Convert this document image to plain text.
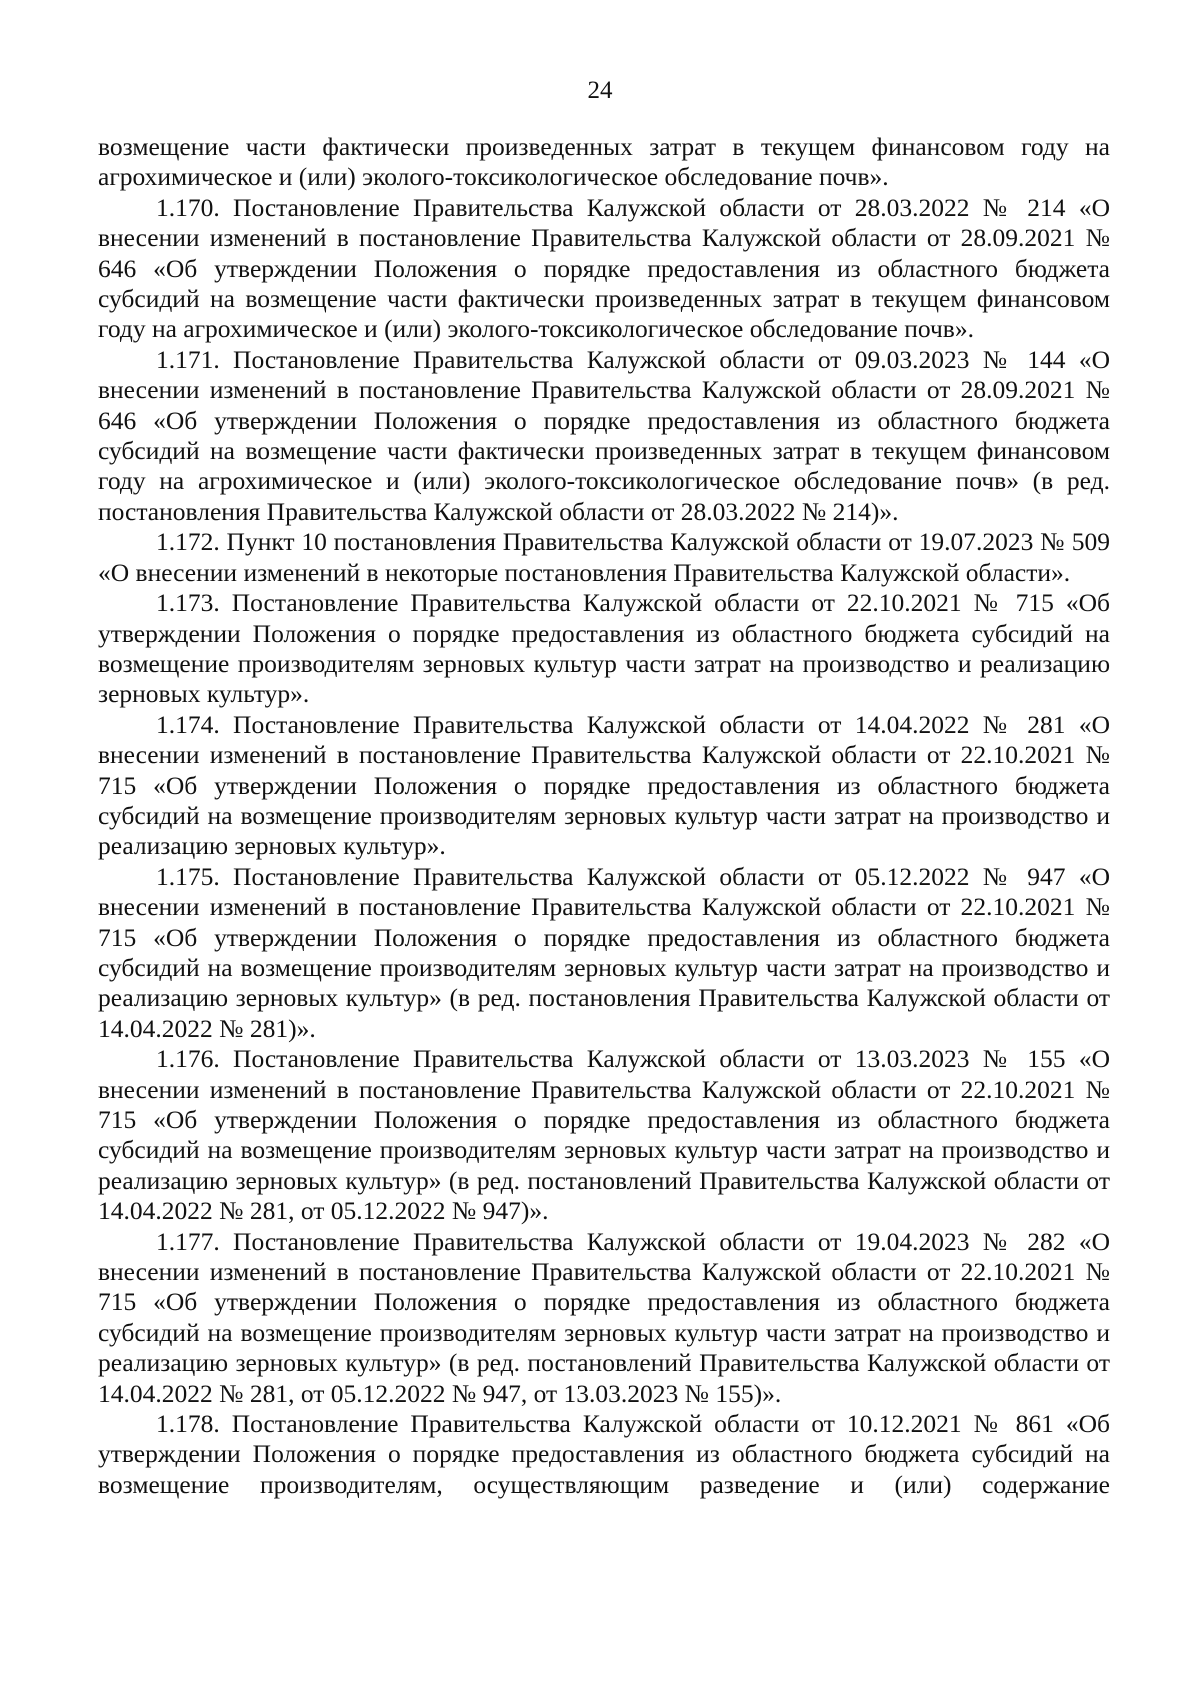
24

возмещение части фактически произведенных затрат в текущем финансовом году на агрохимическое и (или) эколого-токсикологическое обследование почв».

1.170. Постановление Правительства Калужской области от 28.03.2022 № 214 «О внесении изменений в постановление Правительства Калужской области от 28.09.2021 № 646 «Об утверждении Положения о порядке предоставления из областного бюджета субсидий на возмещение части фактически произведенных затрат в текущем финансовом году на агрохимическое и (или) эколого-токсикологическое обследование почв».

1.171. Постановление Правительства Калужской области от 09.03.2023 № 144 «О внесении изменений в постановление Правительства Калужской области от 28.09.2021 № 646 «Об утверждении Положения о порядке предоставления из областного бюджета субсидий на возмещение части фактически произведенных затрат в текущем финансовом году на агрохимическое и (или) эколого-токсикологическое обследование почв» (в ред. постановления Правительства Калужской области от 28.03.2022 № 214)».

1.172. Пункт 10 постановления Правительства Калужской области от 19.07.2023 № 509 «О внесении изменений в некоторые постановления Правительства Калужской области».

1.173. Постановление Правительства Калужской области от 22.10.2021 № 715 «Об утверждении Положения о порядке предоставления из областного бюджета субсидий на возмещение производителям зерновых культур части затрат на производство и реализацию зерновых культур».

1.174. Постановление Правительства Калужской области от 14.04.2022 № 281 «О внесении изменений в постановление Правительства Калужской области от 22.10.2021 № 715 «Об утверждении Положения о порядке предоставления из областного бюджета субсидий на возмещение производителям зерновых культур части затрат на производство и реализацию зерновых культур».

1.175. Постановление Правительства Калужской области от 05.12.2022 № 947 «О внесении изменений в постановление Правительства Калужской области от 22.10.2021 № 715 «Об утверждении Положения о порядке предоставления из областного бюджета субсидий на возмещение производителям зерновых культур части затрат на производство и реализацию зерновых культур» (в ред. постановления Правительства Калужской области от 14.04.2022 № 281)».

1.176. Постановление Правительства Калужской области от 13.03.2023 № 155 «О внесении изменений в постановление Правительства Калужской области от 22.10.2021 № 715 «Об утверждении Положения о порядке предоставления из областного бюджета субсидий на возмещение производителям зерновых культур части затрат на производство и реализацию зерновых культур» (в ред. постановлений Правительства Калужской области от 14.04.2022 № 281, от 05.12.2022 № 947)».

1.177. Постановление Правительства Калужской области от 19.04.2023 № 282 «О внесении изменений в постановление Правительства Калужской области от 22.10.2021 № 715 «Об утверждении Положения о порядке предоставления из областного бюджета субсидий на возмещение производителям зерновых культур части затрат на производство и реализацию зерновых культур» (в ред. постановлений Правительства Калужской области от 14.04.2022 № 281, от 05.12.2022 № 947, от 13.03.2023 № 155)».

1.178. Постановление Правительства Калужской области от 10.12.2021 № 861 «Об утверждении Положения о порядке предоставления из областного бюджета субсидий на возмещение производителям, осуществляющим разведение и (или) содержание
